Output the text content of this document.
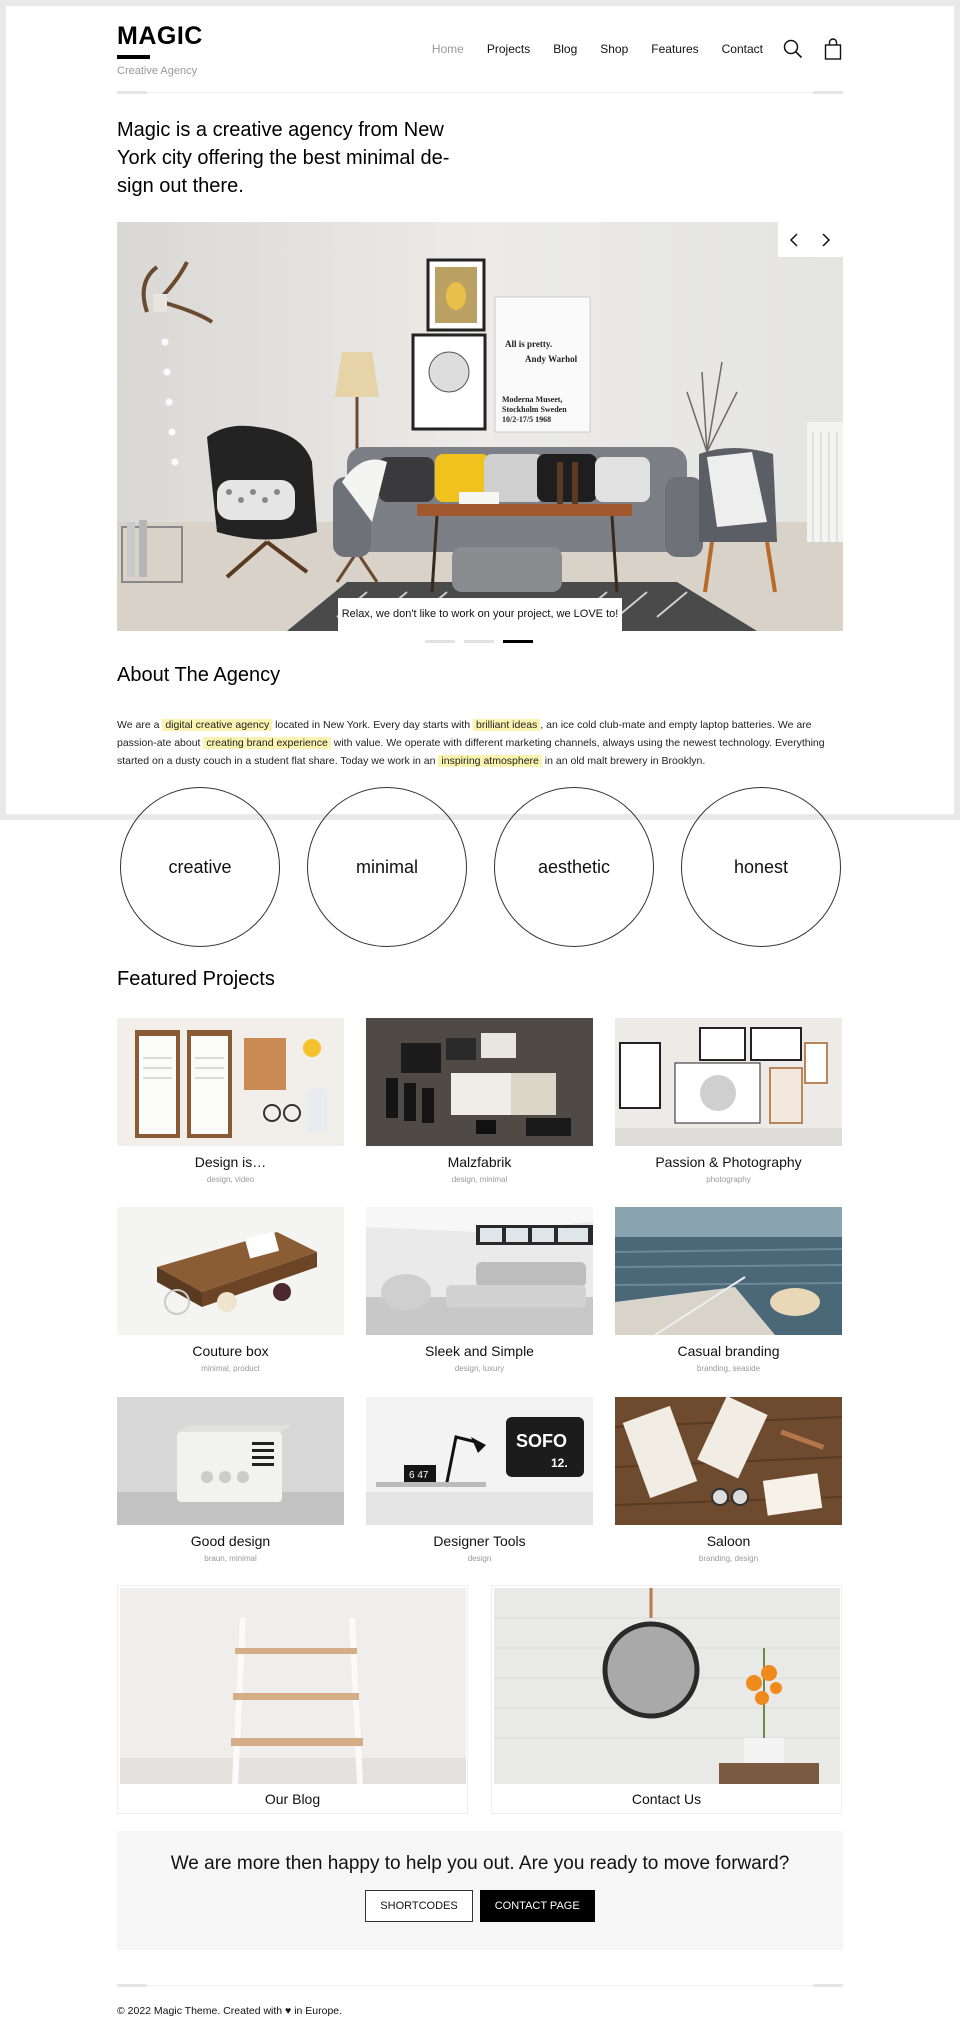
MAGIC
Creative Agency
Home Projects Blog Shop Features Contact
Magic is a creative agency from New York city offering the best minimal de-sign out there.
All is pretty.
Andy Warhol
Moderna Museet,
Stockholm Sweden
10/2-17/5 1968
Relax, we don't like to work on your project, we LOVE to!
About The Agency

We are a digital creative agency located in New York. Every day starts with brilliant ideas , an ice cold club-mate and empty laptop batteries. We are passion-ate about creating brand experience with value. We operate with different marketing channels, always using the newest technology. Everything started on a dusty couch in a student flat share. Today we work in an inspiring atmosphere in an old malt brewery in Brooklyn.

creative	minimal	aesthetic	honest
Featured Projects
Design is…
design, video
Malzfabrik
design, minimal
Passion & Photography
photography
Couture box
minimal, product
Sleek and Simple
design, luxury
Casual branding
branding, seaside
Good design
braun, minimal
6 47
SOFO
12.
Designer Tools
design
Saloon
branding, design
Our Blog	Contact Us
We are more then happy to help you out. Are you ready to move forward?
SHORTCODES	CONTACT PAGE
© 2022 Magic Theme. Created with ♥ in Europe.
